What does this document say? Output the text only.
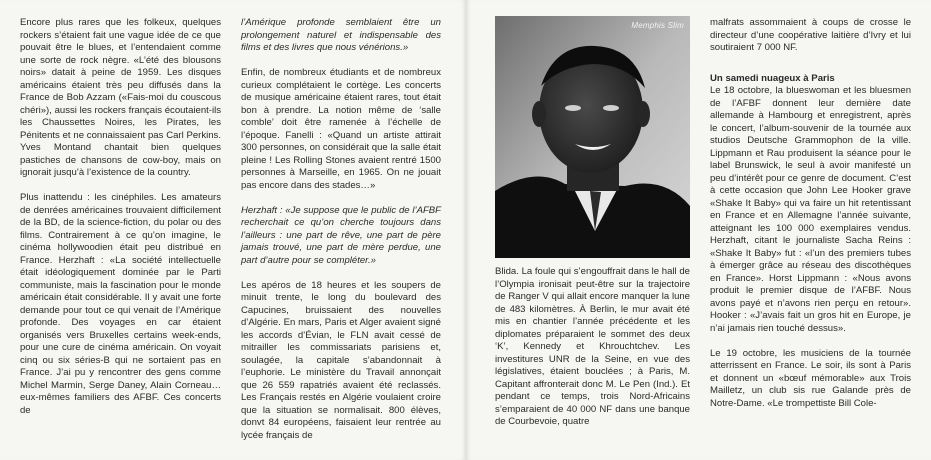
Encore plus rares que les folkeux, quelques rockers s’étaient fait une vague idée de ce que pouvait être le blues, et l’entendaient comme une sorte de rock nègre. «L’été des blousons noirs» datait à peine de 1959. Les disques américains étaient très peu diffusés dans la France de Bob Azzam («Fais-moi du couscous chéri»), aussi les rockers français écoutaient-ils les Chaussettes Noires, les Pirates, les Pénitents et ne connaissaient pas Carl Perkins. Yves Montand chantait bien quelques pastiches de chansons de cow-boy, mais on ignorait jusqu’à l’existence de la country.

Plus inattendu : les cinéphiles. Les amateurs de denrées américaines trouvaient difficilement de la BD, de la science-fiction, du polar ou des films. Contrairement à ce qu’on imagine, le cinéma hollywoodien était peu distribué en France. Herzhaft : «La société intellectuelle était idéologiquement dominée par le Parti communiste, mais la fascination pour le monde américain était considérable. Il y avait une forte demande pour tout ce qui venait de l’Amérique profonde. Des voyages en car étaient organisés vers Bruxelles certains week-ends, pour une cure de cinéma américain. On voyait cinq ou six séries-B qui ne sortaient pas en France. J’ai pu y rencontrer des gens comme Michel Marmin, Serge Daney, Alain Corneau… eux-mêmes familiers des AFBF. Ces concerts de

l’Amérique profonde semblaient être un prolongement naturel et indispensable des films et des livres que nous vénérions.»

Enfin, de nombreux étudiants et de nombreux curieux complétaient le cortège. Les concerts de musique américaine étaient rares, tout était bon à prendre. La notion même de ‘salle comble’ doit être ramenée à l’échelle de l’époque. Fanelli : «Quand un artiste attirait 300 personnes, on considérait que la salle était pleine ! Les Rolling Stones avaient rentré 1500 personnes à Marseille, en 1965. On ne jouait pas encore dans des stades…»

Herzhaft : «Je suppose que le public de l’AFBF recherchait ce qu’on cherche toujours dans l’ailleurs : une part de rêve, une part de père jamais trouvé, une part de mère perdue, une part d’autre pour se compléter.»

Les apéros de 18 heures et les soupers de minuit trente, le long du boulevard des Capucines, bruissaient des nouvelles d’Algérie. En mars, Paris et Alger avaient signé les accords d’Évian, le FLN avait cessé de mitrailler les commissariats parisiens et, soulagée, la capitale s’abandonnait à l’euphorie. Le ministère du Travail annonçait que 26 559 rapatriés avaient été reclassés. Les Français restés en Algérie voulaient croire que la situation se normalisait. 800 élèves, donvt 84 européens, faisaient leur rentrée au lycée français de

Memphis Slim

Blida. La foule qui s’engouffrait dans le hall de l’Olympia ironisait peut-être sur la trajectoire de Ranger V qui allait encore manquer la lune de 483 kilomètres. À Berlin, le mur avait été mis en chantier l’année précédente et les diplomates préparaient le sommet des deux ‘K’, Kennedy et Khrouchtchev. Les investitures UNR de la Seine, en vue des législatives, étaient bouclées ; à Paris, M. Capitant affronterait donc M. Le Pen (Ind.). Et pendant ce temps, trois Nord-Africains s’emparaient de 40 000 NF dans une banque de Courbevoie, quatre

malfrats assommaient à coups de crosse le directeur d’une coopérative laitière d’Ivry et lui soutiraient 7 000 NF.

Un samedi nuageux à Paris

Le 18 octobre, la blueswoman et les bluesmen de l’AFBF donnent leur dernière date allemande à Hambourg et enregistrent, après le concert, l’album-souvenir de la tournée aux studios Deutsche Grammophon de la ville. Lippmann et Rau produisent la séance pour le label Brunswick, le seul à avoir manifesté un peu d’intérêt pour ce genre de document. C’est à cette occasion que John Lee Hooker grave «Shake It Baby» qui va faire un hit retentissant en France et en Allemagne l’année suivante, atteignant les 100 000 exemplaires vendus. Herzhaft, citant le journaliste Sacha Reins : «Shake It Baby» fut : «l’un des premiers tubes à émerger grâce au réseau des discothèques en France». Horst Lippmann : «Nous avons produit le premier disque de l’AFBF. Nous avons payé et n’avons rien perçu en retour». Hooker : «J’avais fait un gros hit en Europe, je n’ai jamais rien touché dessus».

Le 19 octobre, les musiciens de la tournée atterrissent en France. Le soir, ils sont à Paris et donnent un «bœuf mémorable» aux Trois Mailletz, un club sis rue Galande près de Notre-Dame. «Le trompettiste Bill Cole-
